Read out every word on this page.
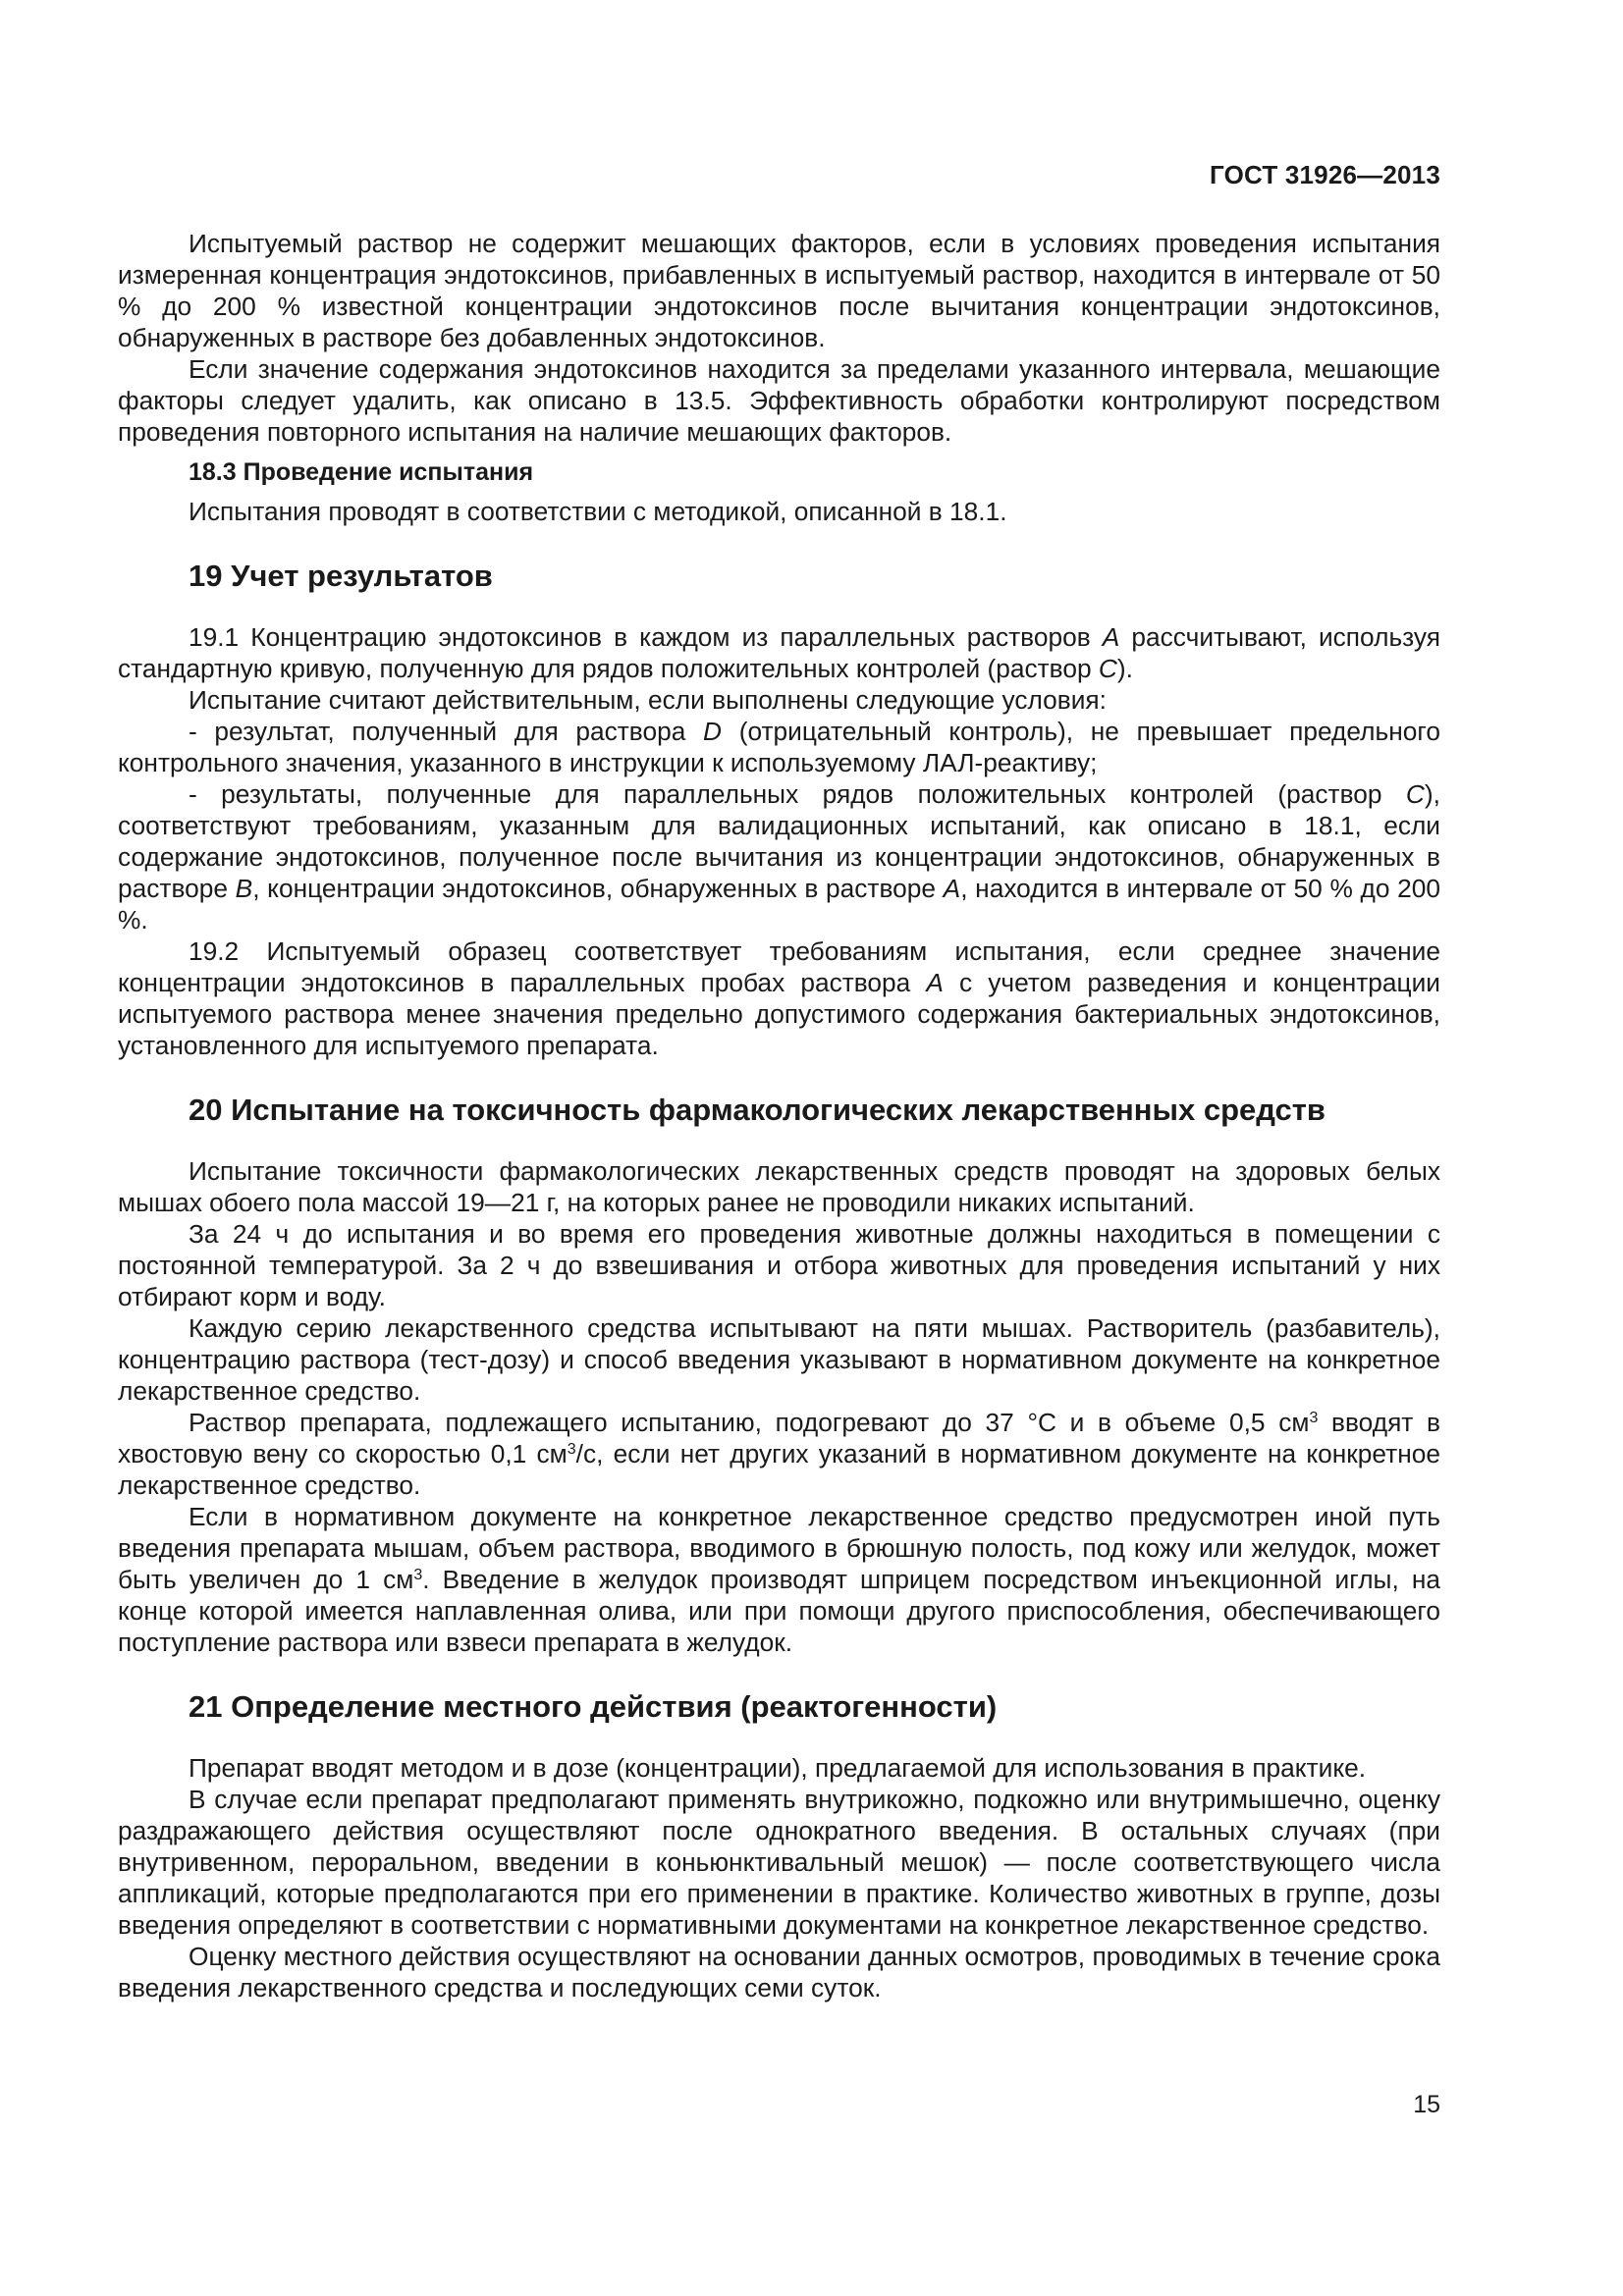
ГОСТ 31926—2013

Испытуемый раствор не содержит мешающих факторов, если в условиях проведения испытания измеренная концентрация эндотоксинов, прибавленных в испытуемый раствор, находится в интервале от 50 % до 200 % известной концентрации эндотоксинов после вычитания концентрации эндотоксинов, обнаруженных в растворе без добавленных эндотоксинов.

Если значение содержания эндотоксинов находится за пределами указанного интервала, мешающие факторы следует удалить, как описано в 13.5. Эффективность обработки контролируют посредством проведения повторного испытания на наличие мешающих факторов.

18.3 Проведение испытания

Испытания проводят в соответствии с методикой, описанной в 18.1.

19 Учет результатов

19.1 Концентрацию эндотоксинов в каждом из параллельных растворов А рассчитывают, используя стандартную кривую, полученную для рядов положительных контролей (раствор С).

Испытание считают действительным, если выполнены следующие условия:

- результат, полученный для раствора D (отрицательный контроль), не превышает предельного контрольного значения, указанного в инструкции к используемому ЛАЛ-реактиву;

- результаты, полученные для параллельных рядов положительных контролей (раствор С), соответствуют требованиям, указанным для валидационных испытаний, как описано в 18.1, если содержание эндотоксинов, полученное после вычитания из концентрации эндотоксинов, обнаруженных в растворе В, концентрации эндотоксинов, обнаруженных в растворе А, находится в интервале от 50 % до 200 %.

19.2 Испытуемый образец соответствует требованиям испытания, если среднее значение концентрации эндотоксинов в параллельных пробах раствора А с учетом разведения и концентрации испытуемого раствора менее значения предельно допустимого содержания бактериальных эндотоксинов, установленного для испытуемого препарата.

20 Испытание на токсичность фармакологических лекарственных средств

Испытание токсичности фармакологических лекарственных средств проводят на здоровых белых мышах обоего пола массой 19—21 г, на которых ранее не проводили никаких испытаний.

За 24 ч до испытания и во время его проведения животные должны находиться в помещении с постоянной температурой. За 2 ч до взвешивания и отбора животных для проведения испытаний у них отбирают корм и воду.

Каждую серию лекарственного средства испытывают на пяти мышах. Растворитель (разбавитель), концентрацию раствора (тест-дозу) и способ введения указывают в нормативном документе на конкретное лекарственное средство.

Раствор препарата, подлежащего испытанию, подогревают до 37 °С и в объеме 0,5 $см^3$ вводят в хвостовую вену со скоростью 0,1 $см^3/с$, если нет других указаний в нормативном документе на конкретное лекарственное средство.

Если в нормативном документе на конкретное лекарственное средство предусмотрен иной путь введения препарата мышам, объем раствора, вводимого в брюшную полость, под кожу или желудок, может быть увеличен до 1 $см^3$. Введение в желудок производят шприцем посредством инъекционной иглы, на конце которой имеется наплавленная олива, или при помощи другого приспособления, обеспечивающего поступление раствора или взвеси препарата в желудок.

21 Определение местного действия (реактогенности)

Препарат вводят методом и в дозе (концентрации), предлагаемой для использования в практике.

В случае если препарат предполагают применять внутрикожно, подкожно или внутримышечно, оценку раздражающего действия осуществляют после однократного введения. В остальных случаях (при внутривенном, пероральном, введении в коньюнктивальный мешок) — после соответствующего числа аппликаций, которые предполагаются при его применении в практике. Количество животных в группе, дозы введения определяют в соответствии с нормативными документами на конкретное лекарственное средство.

Оценку местного действия осуществляют на основании данных осмотров, проводимых в течение срока введения лекарственного средства и последующих семи суток.

15
